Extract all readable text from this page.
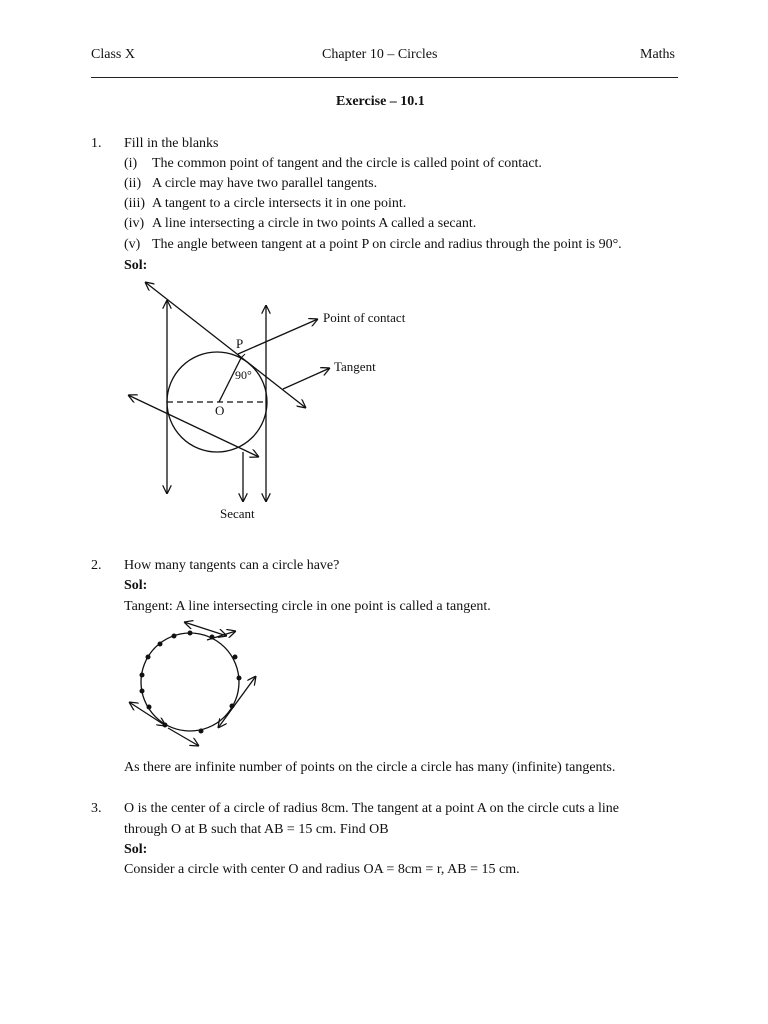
Class X	Chapter 10 – Circles	Maths
Exercise – 10.1
1. Fill in the blanks
(i) The common point of tangent and the circle is called point of contact.
(ii) A circle may have two parallel tangents.
(iii) A tangent to a circle intersects it in one point.
(iv) A line intersecting a circle in two points A called a secant.
(v) The angle between tangent at a point P on circle and radius through the point is 90°.
Sol:
Point of contact
Tangent
P
90°
O
Secant
2. How many tangents can a circle have?
Sol:
Tangent: A line intersecting circle in one point is called a tangent.
As there are infinite number of points on the circle a circle has many (infinite) tangents.
3. O is the center of a circle of radius 8cm. The tangent at a point A on the circle cuts a line
through O at B such that AB = 15 cm. Find OB
Sol:
Consider a circle with center O and radius OA = 8cm = r, AB = 15 cm.
